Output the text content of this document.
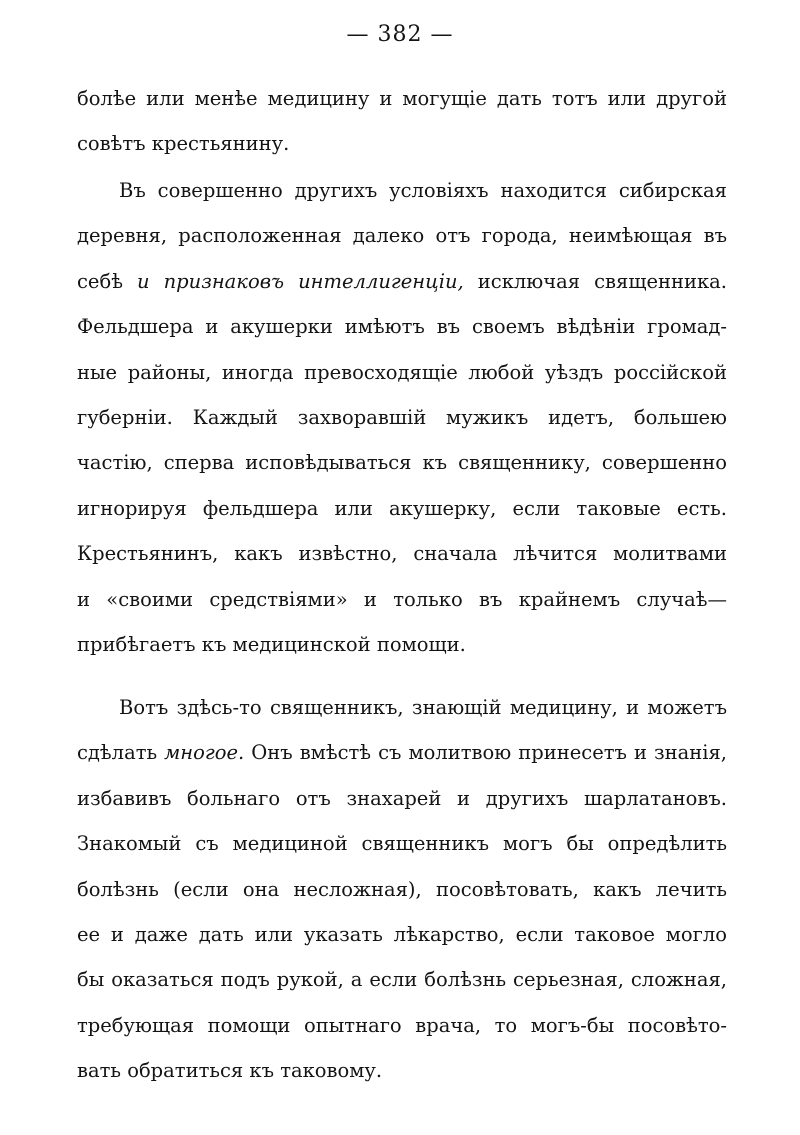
— 382 —
болѣе или менѣе медицину и могущіе дать тотъ или другой
совѣтъ крестьянину.
Въ совершенно другихъ условіяхъ находится сибирская
деревня, расположенная далеко отъ города, неимѣющая въ
себѣ и признаковъ интеллигенціи, исключая священника.
Фельдшера и акушерки имѣютъ въ своемъ вѣдѣніи громад-
ные районы, иногда превосходящіе любой уѣздъ россійской
губерніи. Каждый захворавшій мужикъ идетъ, большею
частію, сперва исповѣдываться къ священнику, совершенно
игнорируя фельдшера или акушерку, если таковые есть.
Крестьянинъ, какъ извѣстно, сначала лѣчится молитвами
и «своими средствіями» и только въ крайнемъ случаѣ—
прибѣгаетъ къ медицинской помощи.
Вотъ здѣсь-то священникъ, знающій медицину, и можетъ
сдѣлать многое. Онъ вмѣстѣ съ молитвою принесетъ и знанія,
избавивъ больнаго отъ знахарей и другихъ шарлатановъ.
Знакомый съ медициной священникъ могъ бы опредѣлить
болѣзнь (если она несложная), посовѣтовать, какъ лечить
ее и даже дать или указать лѣкарство, если таковое могло
бы оказаться подъ рукой, а если болѣзнь серьезная, сложная,
требующая помощи опытнаго врача, то могъ-бы посовѣто-
вать обратиться къ таковому.
